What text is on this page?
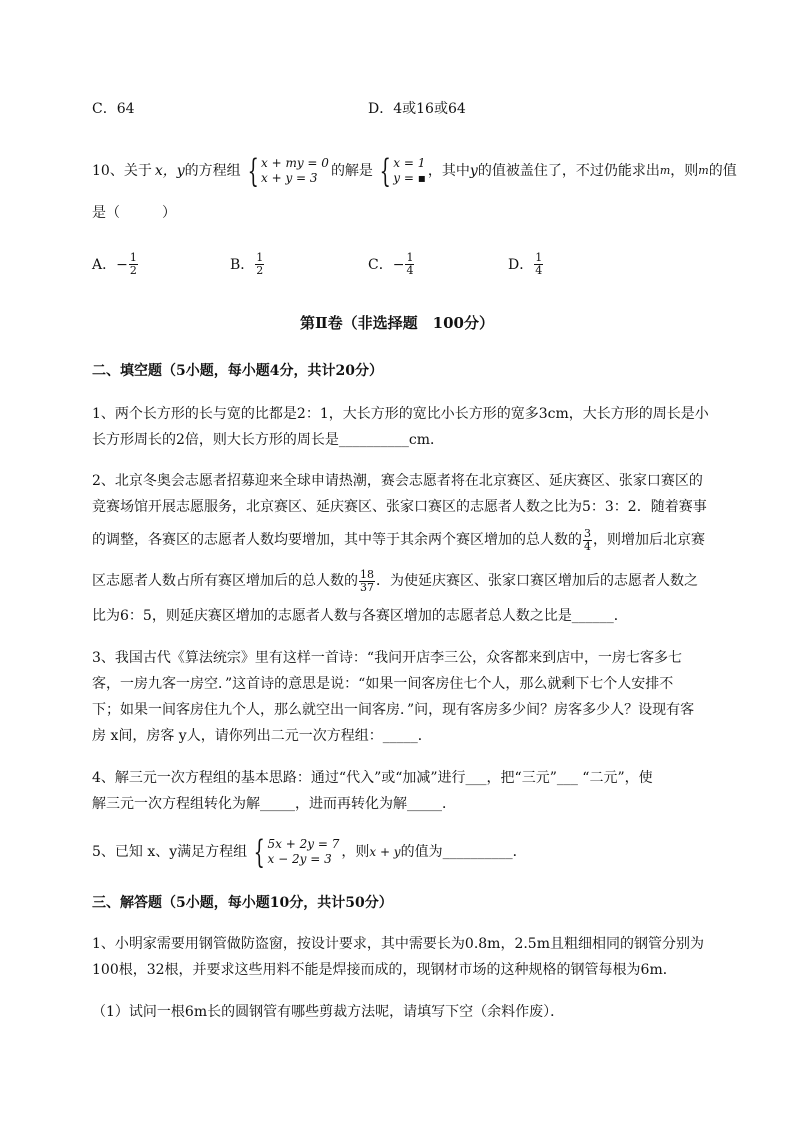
C．64	D．4或16或64
10、关于 x，y 的方程组 { x + my = 0
x + y = 3 的解是 { x = 1
y = ▪ ，其中 y 的值被盖住了，不过仍能求出 m ，则 m 的值
是（　　　）
A．− $\frac{1}{2}$	B． $\frac{1}{2}$	C．− $\frac{1}{4}$	D． $\frac{1}{4}$
第Ⅱ卷（非选择题　100分）
二、填空题（5小题，每小题4分，共计20分）
1、两个长方形的长与宽的比都是2：1，大长方形的宽比小长方形的宽多3cm，大长方形的周长是小
长方形周长的2倍，则大长方形的周长是__________cm．
2、北京冬奥会志愿者招募迎来全球申请热潮，赛会志愿者将在北京赛区、延庆赛区、张家口赛区的
竞赛场馆开展志愿服务，北京赛区、延庆赛区、张家口赛区的志愿者人数之比为5：3：2．随着赛事
的调整，各赛区的志愿者人数均要增加，其中等于其余两个赛区增加的总人数的 $\frac{3}{4}$ ，则增加后北京赛
区志愿者人数占所有赛区增加后的总人数的 $\frac{18}{37}$ ．为使延庆赛区、张家口赛区增加后的志愿者人数之
比为6：5，则延庆赛区增加的志愿者人数与各赛区增加的志愿者总人数之比是______．
3、我国古代《算法统宗》里有这样一首诗：“我问开店李三公，众客都来到店中，一房七客多七
客，一房九客一房空．”这首诗的意思是说：“如果一间客房住七个人，那么就剩下七个人安排不
下；如果一间客房住九个人，那么就空出一间客房．”问，现有客房多少间？房客多少人？设现有客
房 x间，房客 y人，请你列出二元一次方程组：_____．
4、解三元一次方程组的基本思路：通过“代入”或“加减”进行___，把“三元”___ “二元”，使
解三元一次方程组转化为解_____，进而再转化为解_____．
5、已知 x、y满足方程组 { 5x + 2y = 7
x − 2y = 3 ，则 x + y 的值为__________．
三、解答题（5小题，每小题10分，共计50分）
1、小明家需要用钢管做防盗窗，按设计要求，其中需要长为0.8m，2.5m且粗细相同的钢管分别为
100根，32根，并要求这些用料不能是焊接而成的，现钢材市场的这种规格的钢管每根为6m．
（1）试问一根6m长的圆钢管有哪些剪裁方法呢，请填写下空（余料作废）．
